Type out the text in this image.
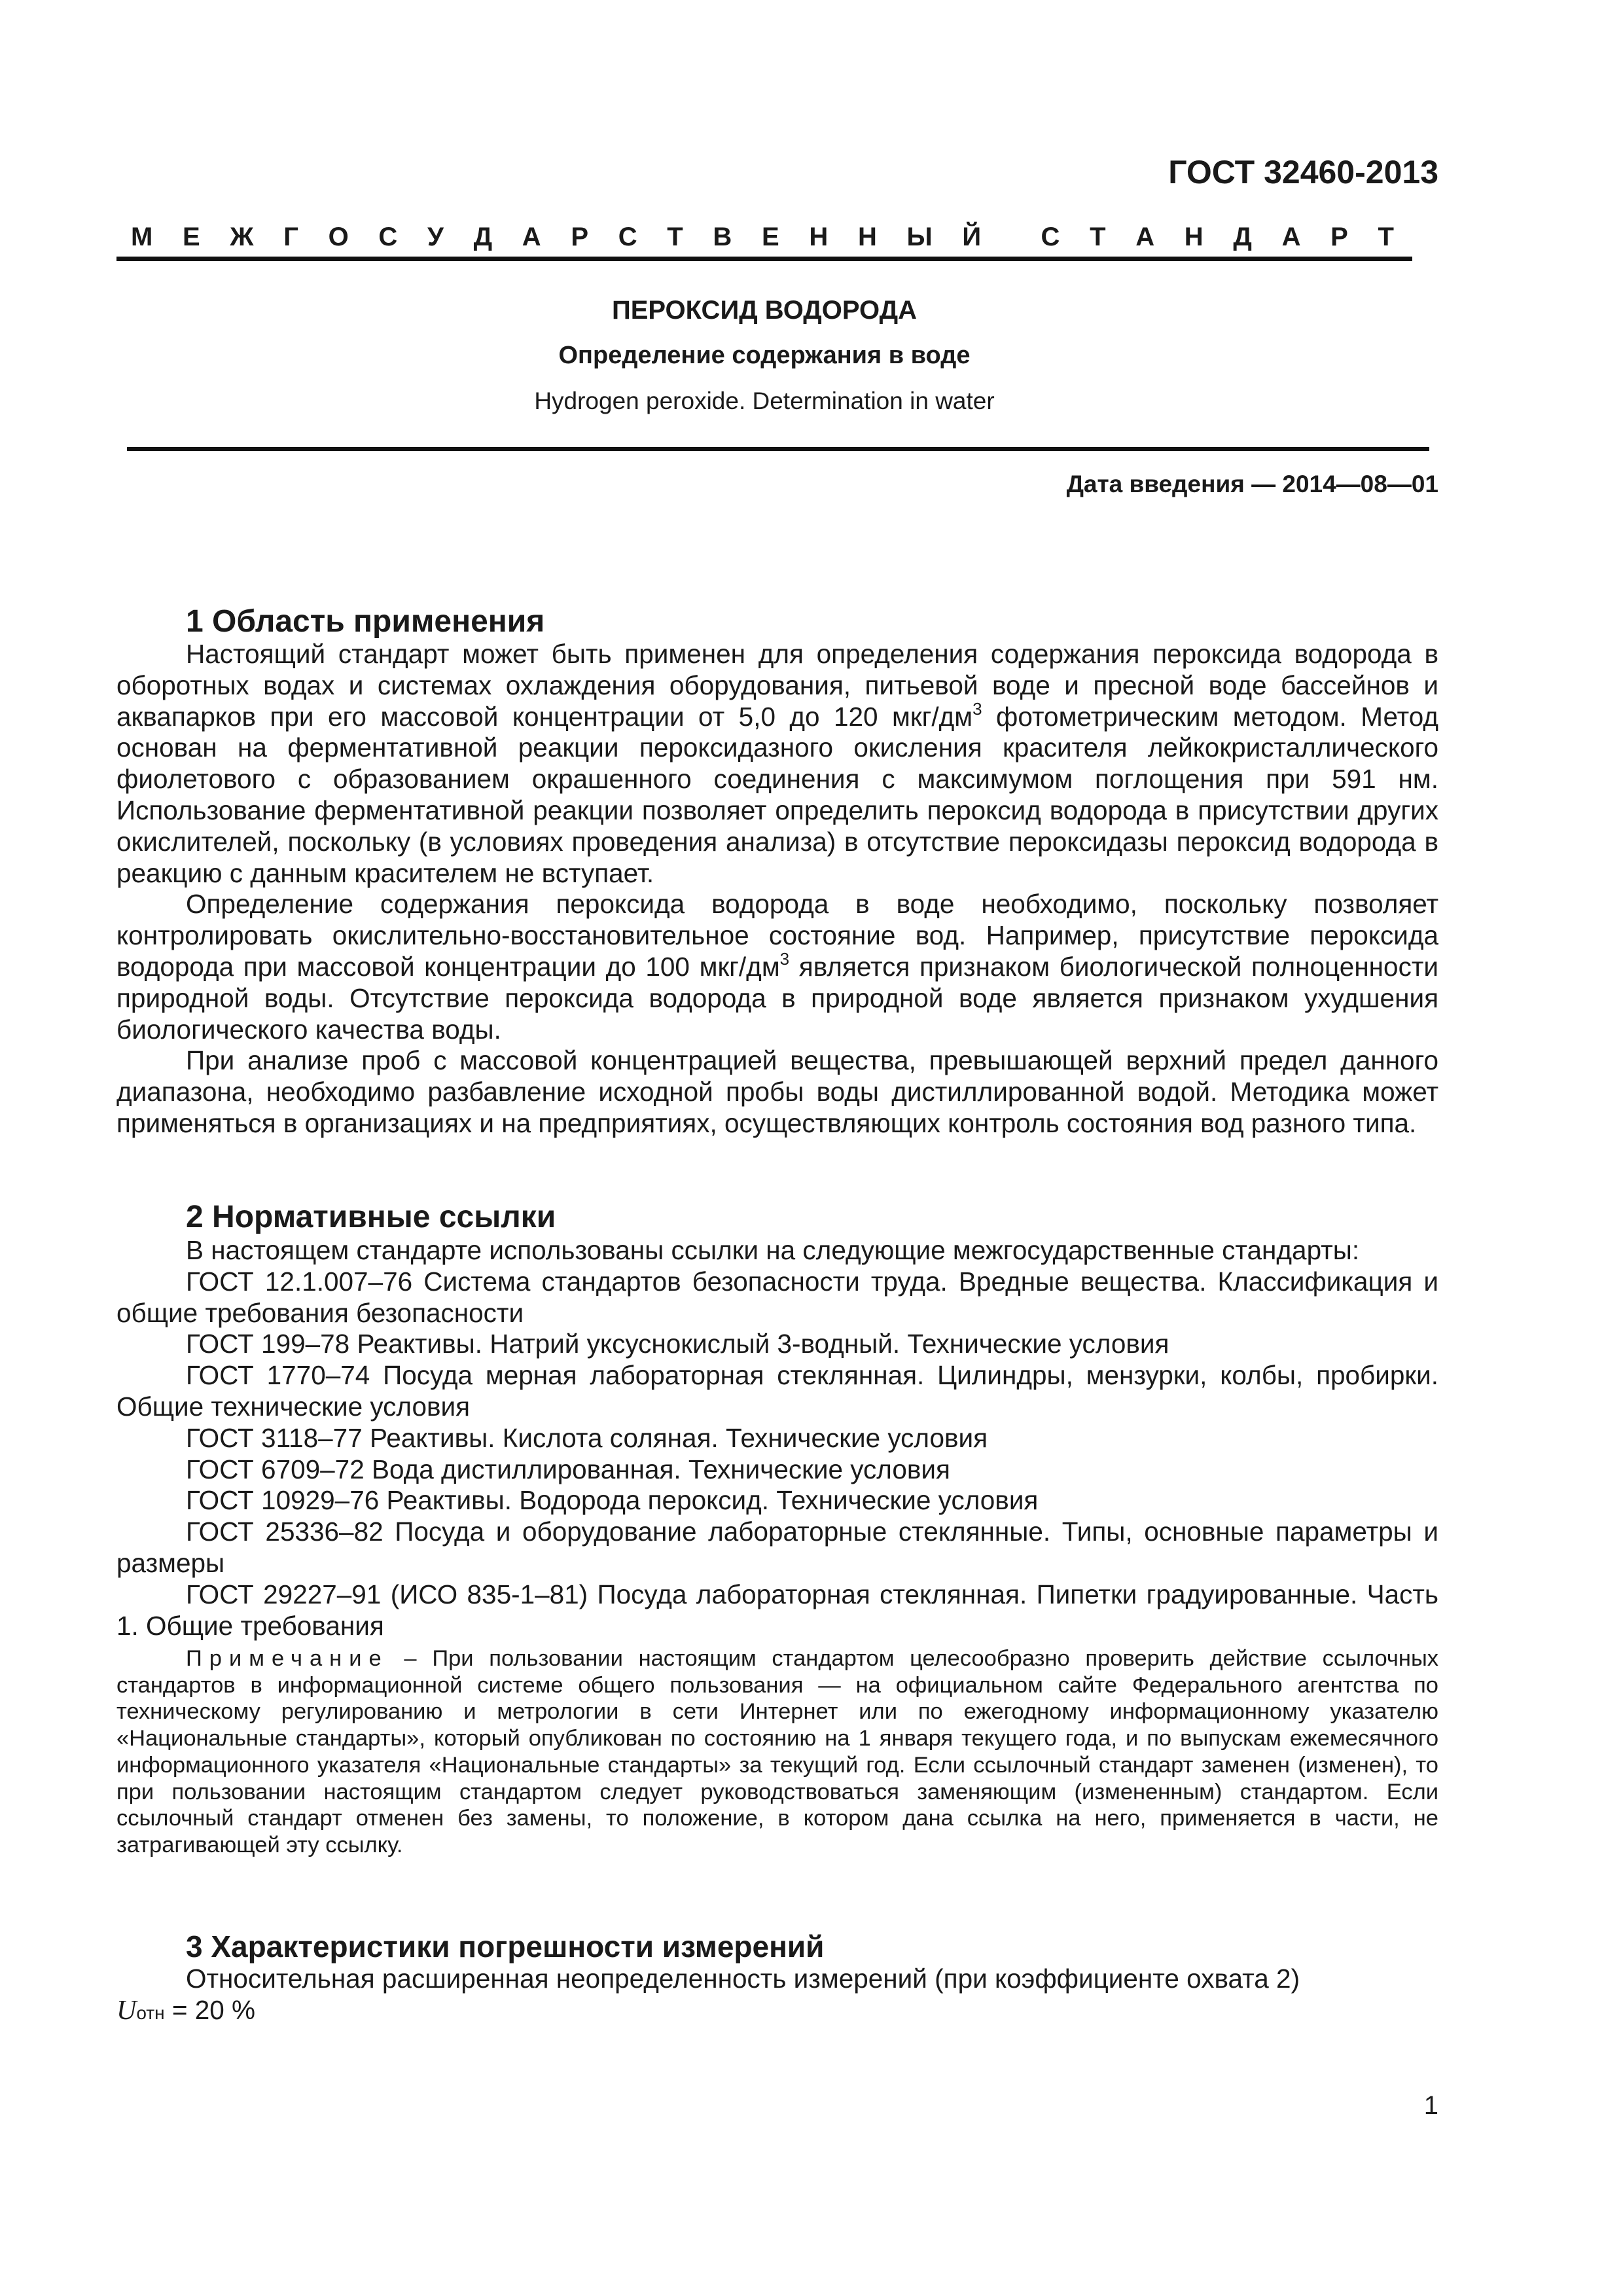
ГОСТ 32460-2013
М Е Ж Г О С У Д А Р С Т В Е Н Н Ы Й С Т А Н Д А Р Т
ПЕРОКСИД ВОДОРОДА
Определение содержания в воде
Hydrogen peroxide. Determination in water
Дата введения — 2014—08—01
1 Область применения

Настоящий стандарт может быть применен для определения содержания пероксида водорода в оборотных водах и системах охлаждения оборудования, питьевой воде и пресной воде бассейнов и аквапарков при его массовой концентрации от 5,0 до 120 мкг/$дм^3$ фотометрическим методом. Метод основан на ферментативной реакции пероксидазного окисления красителя лейкокристаллического фиолетового с образованием окрашенного соединения с максимумом поглощения при 591 нм. Использование ферментативной реакции позволяет определить пероксид водорода в присутствии других окислителей, поскольку (в условиях проведения анализа) в отсутствие пероксидазы пероксид водорода в реакцию с данным красителем не вступает.

Определение содержания пероксида водорода в воде необходимо, поскольку позволяет контролировать окислительно-восстановительное состояние вод. Например, присутствие пероксида водорода при массовой концентрации до 100 мкг/$дм^3$ является признаком биологической полноценности природной воды. Отсутствие пероксида водорода в природной воде является признаком ухудшения биологического качества воды.

При анализе проб с массовой концентрацией вещества, превышающей верхний предел данного диапазона, необходимо разбавление исходной пробы воды дистиллированной водой. Методика может применяться в организациях и на предприятиях, осуществляющих контроль состояния вод разного типа.

2 Нормативные ссылки

В настоящем стандарте использованы ссылки на следующие межгосударственные стандарты:

ГОСТ 12.1.007–76 Система стандартов безопасности труда. Вредные вещества. Классификация и общие требования безопасности

ГОСТ 199–78 Реактивы. Натрий уксуснокислый 3-водный. Технические условия

ГОСТ 1770–74 Посуда мерная лабораторная стеклянная. Цилиндры, мензурки, колбы, пробирки. Общие технические условия

ГОСТ 3118–77 Реактивы. Кислота соляная. Технические условия

ГОСТ 6709–72 Вода дистиллированная. Технические условия

ГОСТ 10929–76 Реактивы. Водорода пероксид. Технические условия

ГОСТ 25336–82 Посуда и оборудование лабораторные стеклянные. Типы, основные параметры и размеры

ГОСТ 29227–91 (ИСО 835-1–81) Посуда лабораторная стеклянная. Пипетки градуированные. Часть 1. Общие требования

Примечание – При пользовании настоящим стандартом целесообразно проверить действие ссылочных стандартов в информационной системе общего пользования — на официальном сайте Федерального агентства по техническому регулированию и метрологии в сети Интернет или по ежегодному информационному указателю «Национальные стандарты», который опубликован по состоянию на 1 января текущего года, и по выпускам ежемесячного информационного указателя «Национальные стандарты» за текущий год. Если ссылочный стандарт заменен (изменен), то при пользовании настоящим стандартом следует руководствоваться заменяющим (измененным) стандартом. Если ссылочный стандарт отменен без замены, то положение, в котором дана ссылка на него, применяется в части, не затрагивающей эту ссылку.

3 Характеристики погрешности измерений

Относительная расширенная неопределенность измерений (при коэффициенте охвата 2)

Uотн = 20 %

1
